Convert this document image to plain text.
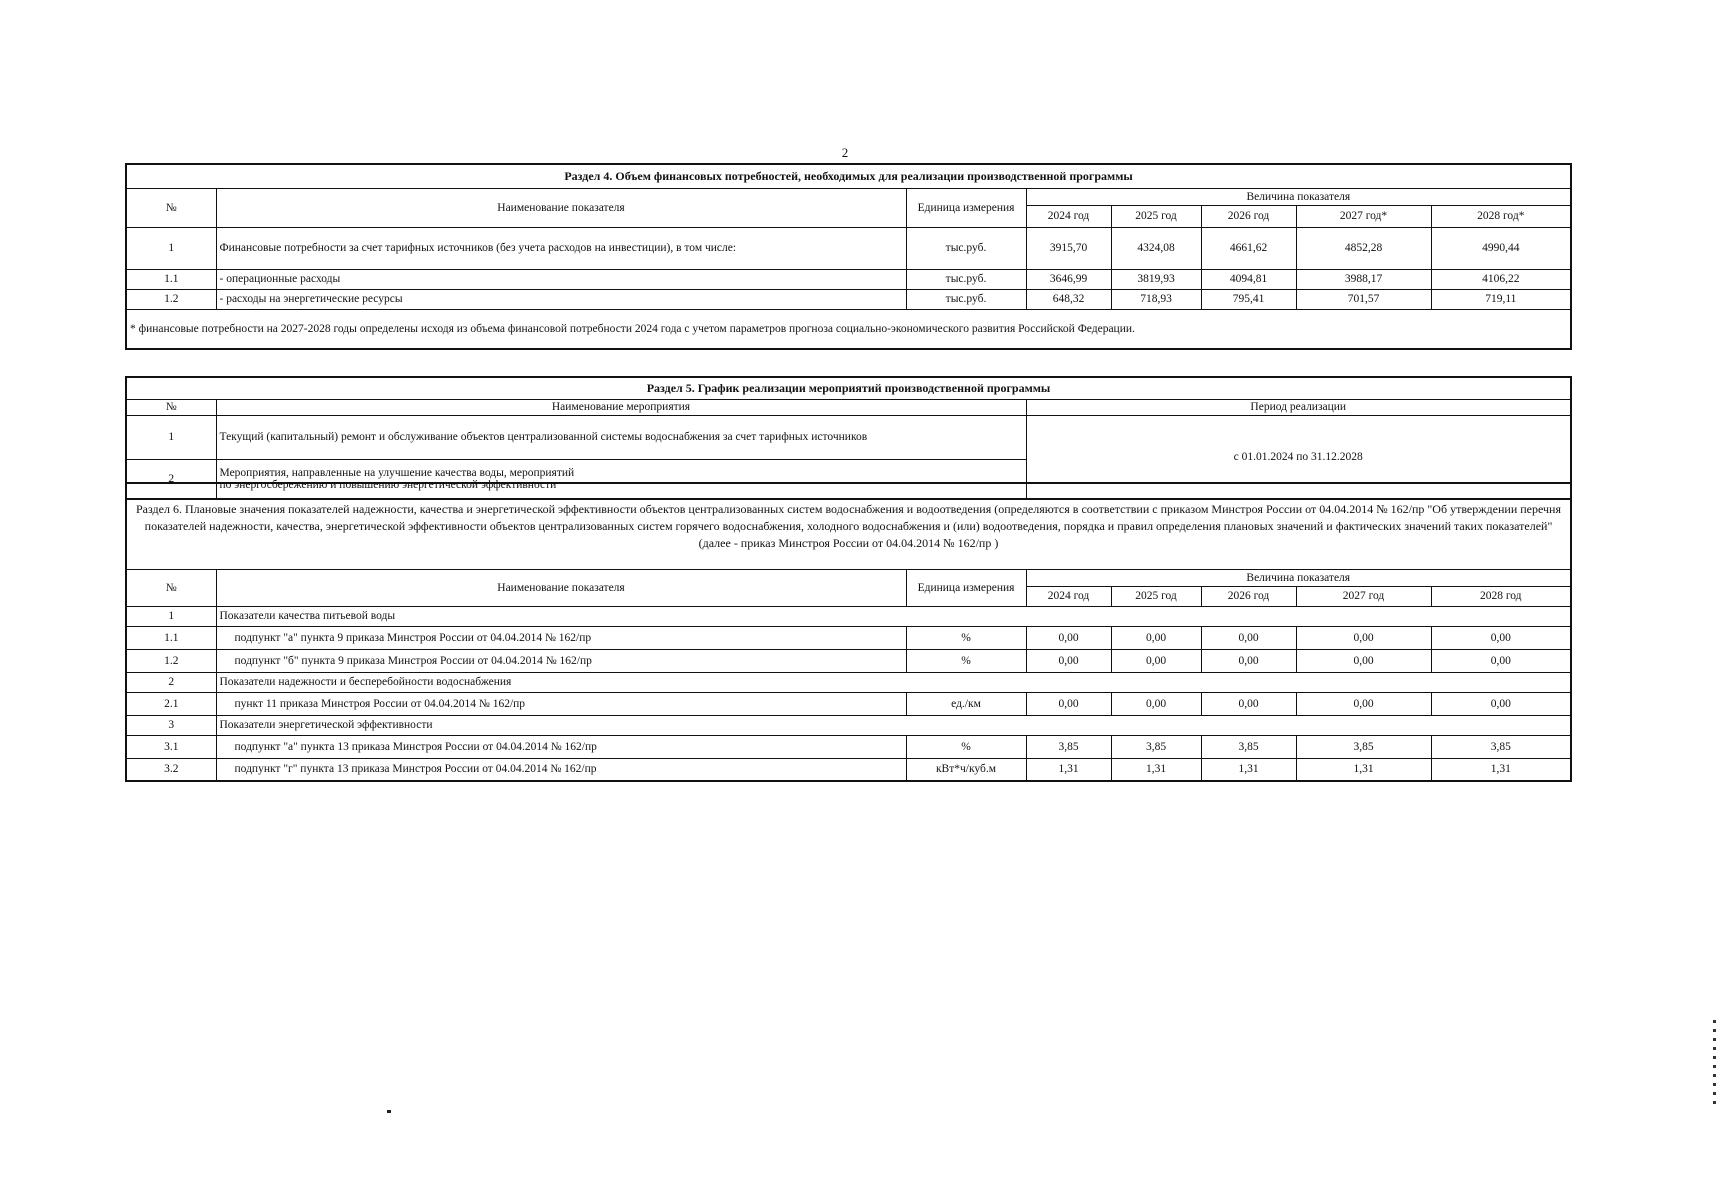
2
Раздел 4. Объем финансовых потребностей, необходимых для реализации производственной программы							
№	Наименование показателя	Единица измерения	Величина показателя				
			2024 год	2025 год	2026 год	2027 год*	2028 год*
1	Финансовые потребности за счет тарифных источников (без учета расходов на инвестиции), в том числе:	тыс.руб.	3915,70	4324,08	4661,62	4852,28	4990,44
1.1	- операционные расходы	тыс.руб.	3646,99	3819,93	4094,81	3988,17	4106,22
1.2	- расходы на энергетические ресурсы	тыс.руб.	648,32	718,93	795,41	701,57	719,11
* финансовые потребности на 2027-2028 годы определены исходя из объема финансовой потребности 2024 года с учетом параметров прогноза социально-экономического развития Российской Федерации.							
Раздел 5. График реализации мероприятий производственной программы		
№	Наименование мероприятия	Период реализации
1	Текущий (капитальный) ремонт и обслуживание объектов централизованной системы водоснабжения за счет тарифных источников	с 01.01.2024 по 31.12.2028
2	Мероприятия, направленные на улучшение качества воды, мероприятий
по энергосбережению и повышению энергетической эффективности	
Раздел 6. Плановые значения показателей надежности, качества и энергетической эффективности объектов централизованных систем водоснабжения и водоотведения (определяются в соответствии с приказом Минстроя России от 04.04.2014 № 162/пр "Об утверждении перечня показателей надежности, качества, энергетической эффективности объектов централизованных систем горячего водоснабжения, холодного водоснабжения и (или) водоотведения, порядка и правил определения плановых значений и фактических значений таких показателей" (далее - приказ Минстроя России от 04.04.2014 № 162/пр )							
№	Наименование показателя	Единица измерения	Величина показателя				
			2024 год	2025 год	2026 год	2027 год	2028 год
1	Показатели качества питьевой воды						
1.1	подпункт "а" пункта 9 приказа Минстроя России от 04.04.2014 № 162/пр	%	0,00	0,00	0,00	0,00	0,00
1.2	подпункт "б" пункта 9 приказа Минстроя России от 04.04.2014 № 162/пр	%	0,00	0,00	0,00	0,00	0,00
2	Показатели надежности и бесперебойности водоснабжения						
2.1	пункт 11 приказа Минстроя России от 04.04.2014 № 162/пр	ед./км	0,00	0,00	0,00	0,00	0,00
3	Показатели энергетической эффективности						
3.1	подпункт "а" пункта 13 приказа Минстроя России от 04.04.2014 № 162/пр	%	3,85	3,85	3,85	3,85	3,85
3.2	подпункт "г" пункта 13 приказа Минстроя России от 04.04.2014 № 162/пр	кВт*ч/куб.м	1,31	1,31	1,31	1,31	1,31
